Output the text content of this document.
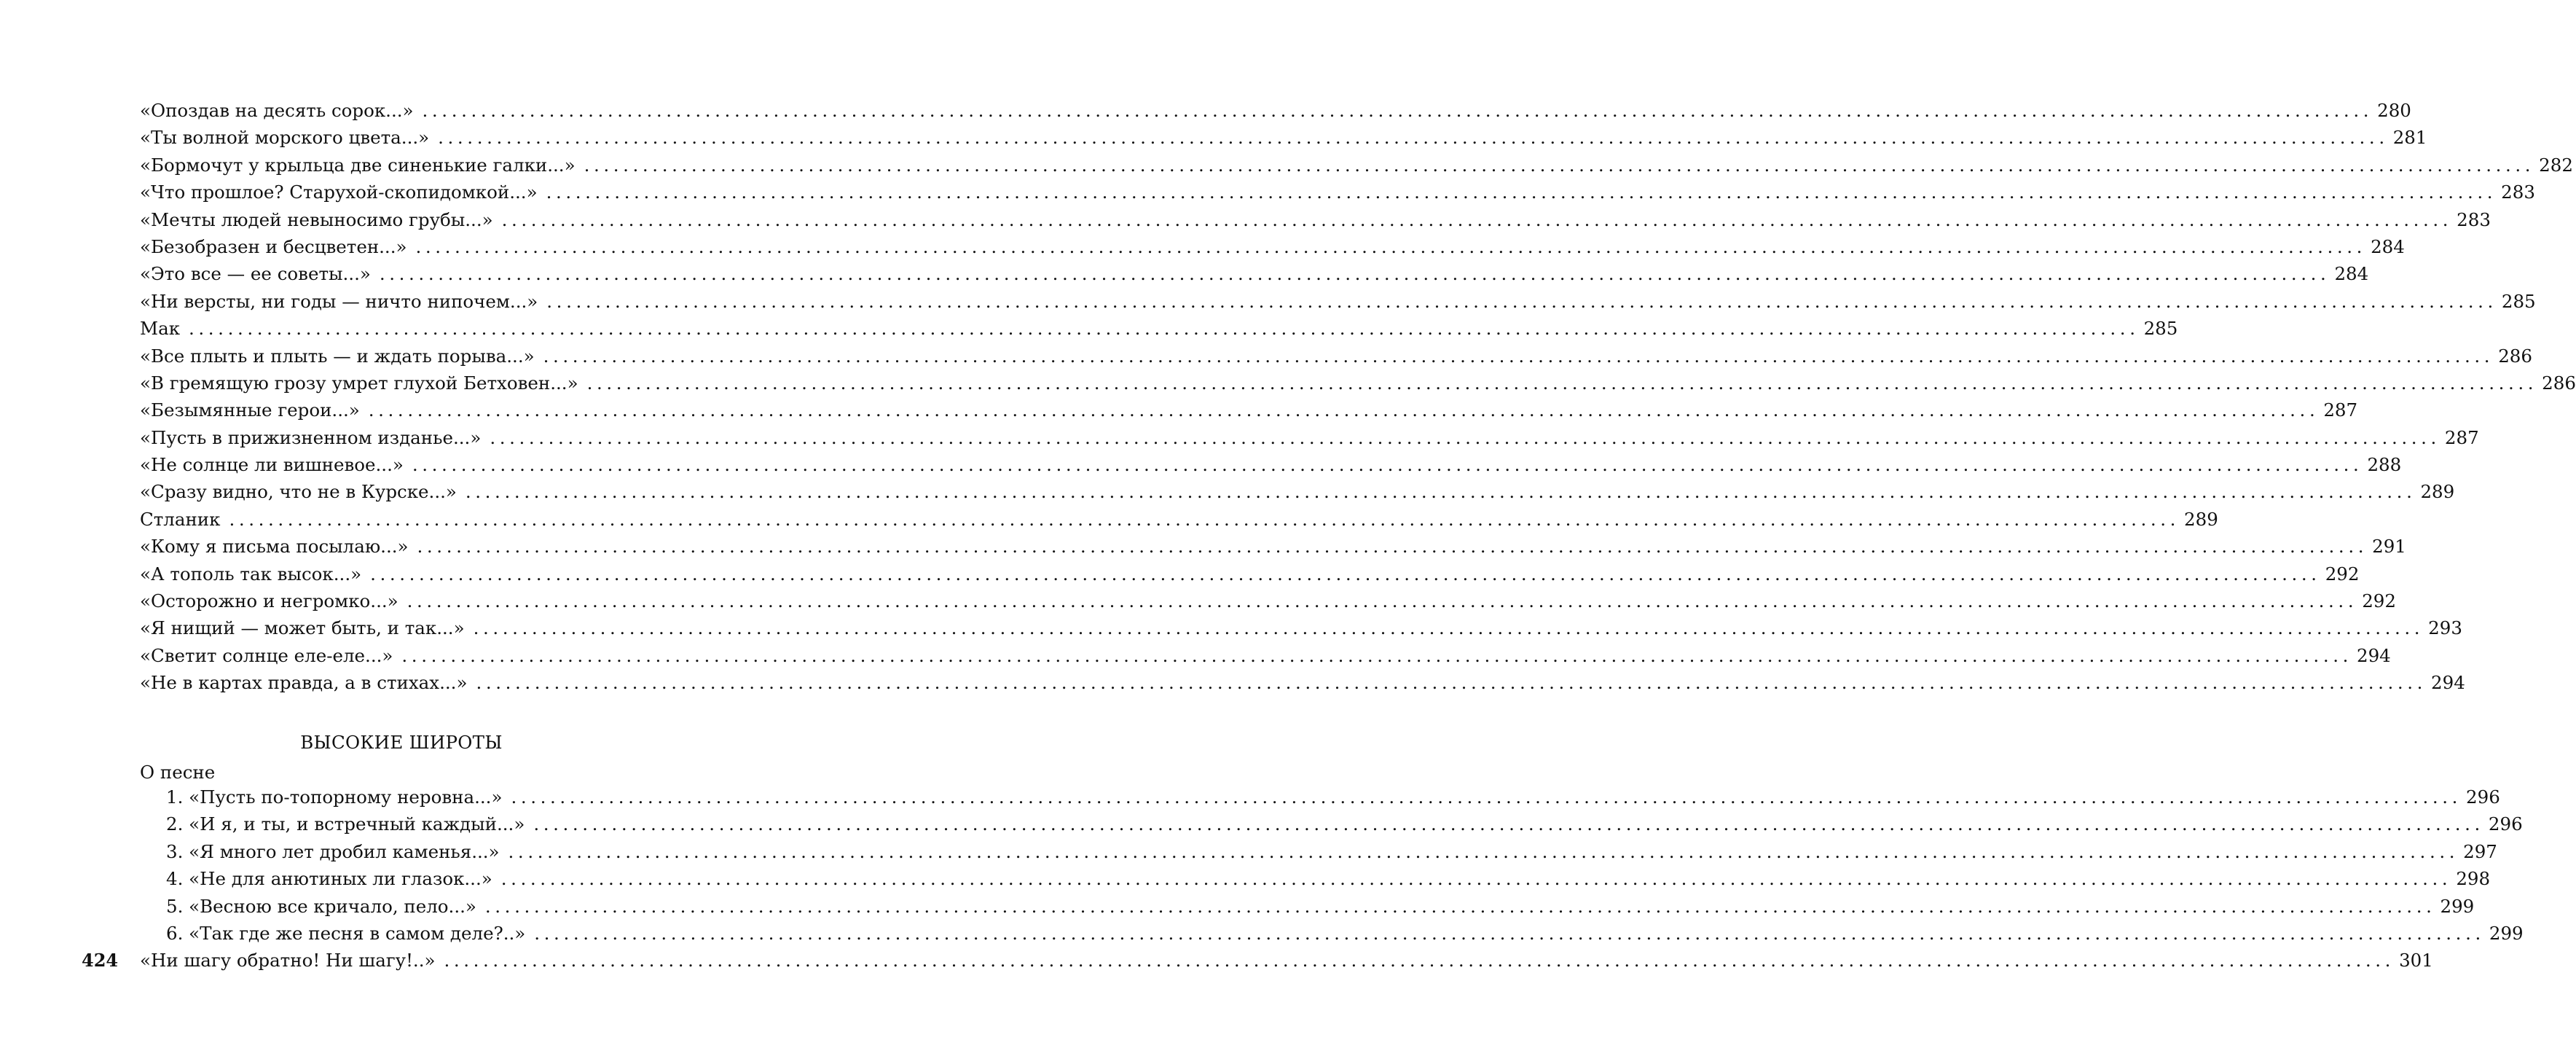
«Опоздав на десять сорок...» ........................................................................................................................................................................................................ 280
«Ты волной морского цвета...» ........................................................................................................................................................................................................ 281
«Бормочут у крыльца две синенькие галки...» ........................................................................................................................................................................................................ 282
«Что прошлое? Старухой-скопидомкой...» ........................................................................................................................................................................................................ 283
«Мечты людей невыносимо грубы...» ........................................................................................................................................................................................................ 283
«Безобразен и бесцветен...» ........................................................................................................................................................................................................ 284
«Это все — ее советы...» ........................................................................................................................................................................................................ 284
«Ни версты, ни годы — ничто нипочем...» ........................................................................................................................................................................................................ 285
Мак ........................................................................................................................................................................................................ 285
«Все плыть и плыть — и ждать порыва...» ........................................................................................................................................................................................................ 286
«В гремящую грозу умрет глухой Бетховен...» ........................................................................................................................................................................................................ 286
«Безымянные герои...» ........................................................................................................................................................................................................ 287
«Пусть в прижизненном изданье...» ........................................................................................................................................................................................................ 287
«Не солнце ли вишневое...» ........................................................................................................................................................................................................ 288
«Сразу видно, что не в Курске...» ........................................................................................................................................................................................................ 289
Стланик ........................................................................................................................................................................................................ 289
«Кому я письма посылаю...» ........................................................................................................................................................................................................ 291
«А тополь так высок...» ........................................................................................................................................................................................................ 292
«Осторожно и негромко...» ........................................................................................................................................................................................................ 292
«Я нищий — может быть, и так...» ........................................................................................................................................................................................................ 293
«Светит солнце еле-еле...» ........................................................................................................................................................................................................ 294
«Не в картах правда, а в стихах...» ........................................................................................................................................................................................................ 294
ВЫСОКИЕ ШИРОТЫ
О песне
1. «Пусть по-топорному неровна...» ........................................................................................................................................................................................................ 296
2. «И я, и ты, и встречный каждый...» ........................................................................................................................................................................................................ 296
3. «Я много лет дробил каменья...» ........................................................................................................................................................................................................ 297
4. «Не для анютиных ли глазок...» ........................................................................................................................................................................................................ 298
5. «Весною все кричало, пело...» ........................................................................................................................................................................................................ 299
6. «Так где же песня в самом деле?..» ........................................................................................................................................................................................................ 299
«Ни шагу обратно! Ни шагу!..» ........................................................................................................................................................................................................ 301
424
